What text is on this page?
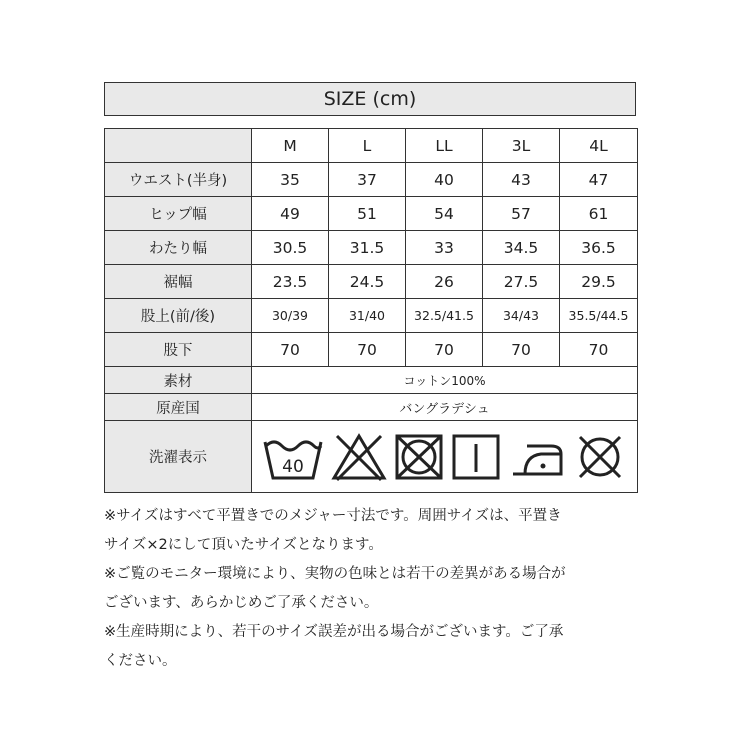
SIZE (cm)
	M	L	LL	3L	4L
ウエスト(半身)	35	37	40	43	47
ヒップ幅	49	51	54	57	61
わたり幅	30.5	31.5	33	34.5	36.5
裾幅	23.5	24.5	26	27.5	29.5
股上(前/後)	30/39	31/40	32.5/41.5	34/43	35.5/44.5
股下	70	70	70	70	70
素材	コットン100%				
原産国	バングラデシュ				
洗濯表示	40				

※サイズはすべて平置きでのメジャー寸法です。周囲サイズは、平置き

サイズ×2にして頂いたサイズとなります。

※ご覧のモニター環境により、実物の色味とは若干の差異がある場合が

ございます、あらかじめご了承ください。

※生産時期により、若干のサイズ誤差が出る場合がございます。ご了承

ください。
